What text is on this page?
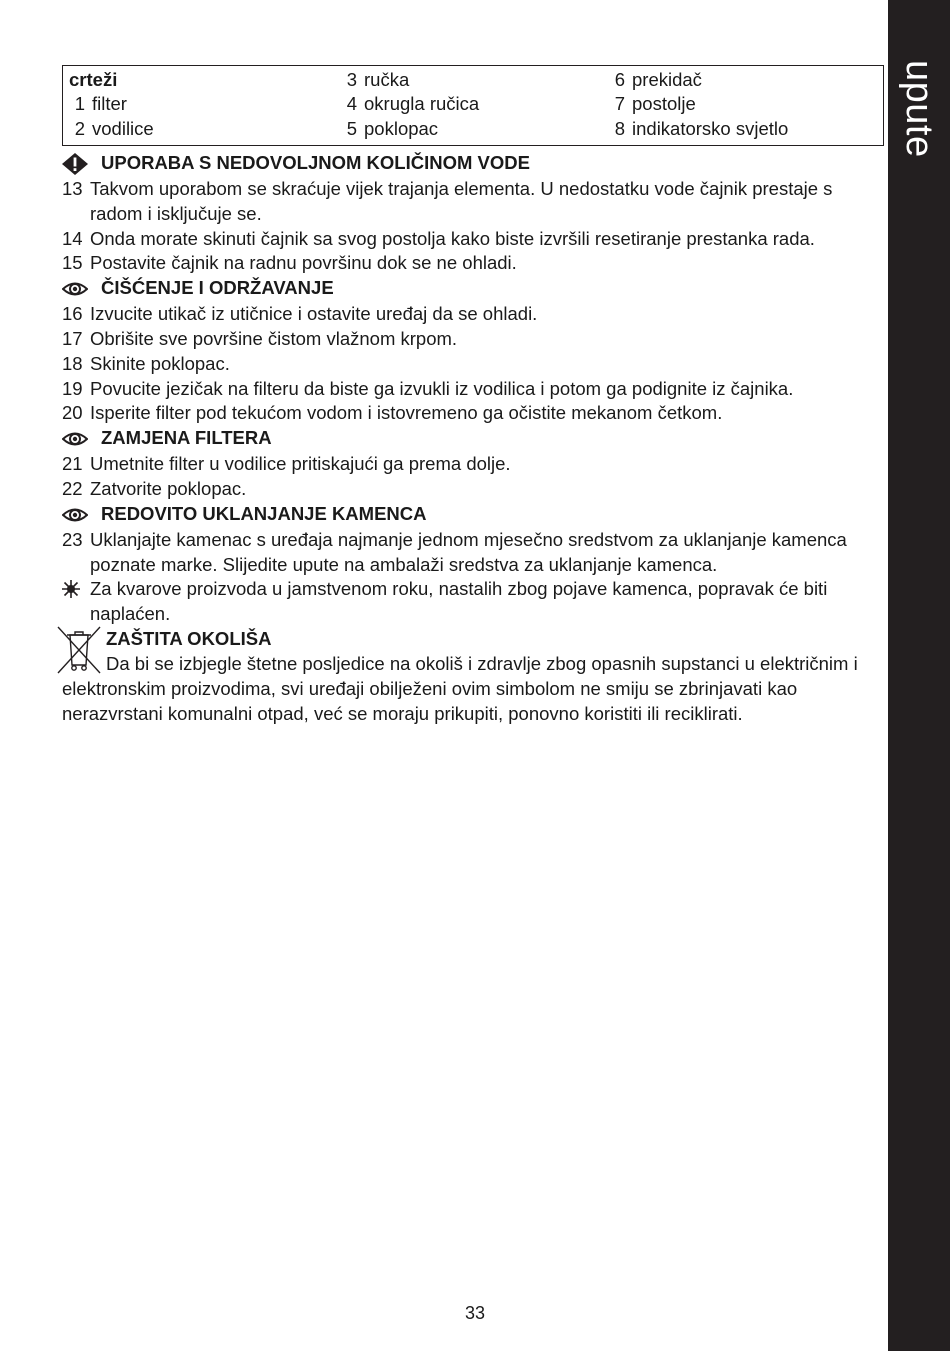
upute
crteži
1 filter
2 vodilice
3 ručka
4 okrugla ručica
5 poklopac
6 prekidač
7 postolje
8 indikatorsko svjetlo
UPORABA S NEDOVOLJNOM KOLIČINOM VODE
13 Takvom uporabom se skraćuje vijek trajanja elementa. U nedostatku vode čajnik prestaje s radom i isključuje se.
14 Onda morate skinuti čajnik sa svog postolja kako biste izvršili resetiranje prestanka rada.
15 Postavite čajnik na radnu površinu dok se ne ohladi.
ČIŠĆENJE I ODRŽAVANJE
16 Izvucite utikač iz utičnice i ostavite uređaj da se ohladi.
17 Obrišite sve površine čistom vlažnom krpom.
18 Skinite poklopac.
19 Povucite jezičak na filteru da biste ga izvukli iz vodilica i potom ga podignite iz čajnika.
20 Isperite filter pod tekućom vodom i istovremeno ga očistite mekanom četkom.
ZAMJENA FILTERA
21 Umetnite filter u vodilice pritiskajući ga prema dolje.
22 Zatvorite poklopac.
REDOVITO UKLANJANJE KAMENCA
23 Uklanjajte kamenac s uređaja najmanje jednom mjesečno sredstvom za uklanjanje kamenca poznate marke. Slijedite upute na ambalaži sredstva za uklanjanje kamenca.
Za kvarove proizvoda u jamstvenom roku, nastalih zbog pojave kamenca, popravak će biti naplaćen.
ZAŠTITA OKOLIŠA
Da bi se izbjegle štetne posljedice na okoliš i zdravlje zbog opasnih supstanci u električnim i elektronskim proizvodima, svi uređaji obilježeni ovim simbolom ne smiju se zbrinjavati kao nerazvrstani komunalni otpad, već se moraju prikupiti, ponovno koristiti ili reciklirati.
33
